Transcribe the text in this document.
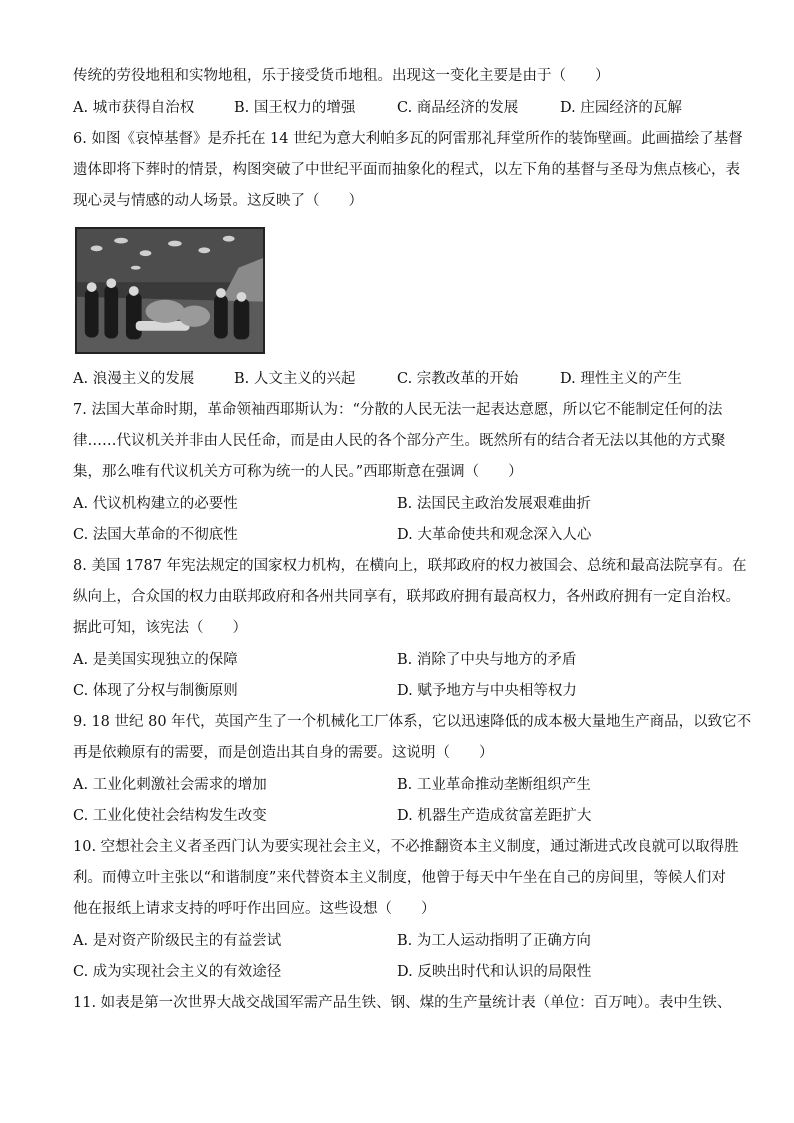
传统的劳役地租和实物地租，乐于接受货币地租。出现这一变化主要是由于（　　）
A. 城市获得自治权	B. 国王权力的增强	C. 商品经济的发展	D. 庄园经济的瓦解
6. 如图《哀悼基督》是乔托在 14 世纪为意大利帕多瓦的阿雷那礼拜堂所作的装饰壁画。此画描绘了基督
遗体即将下葬时的情景，构图突破了中世纪平面而抽象化的程式，以左下角的基督与圣母为焦点核心，表
现心灵与情感的动人场景。这反映了（　　）
A. 浪漫主义的发展	B. 人文主义的兴起	C. 宗教改革的开始	D. 理性主义的产生
7. 法国大革命时期，革命领袖西耶斯认为：“分散的人民无法一起表达意愿，所以它不能制定任何的法
律……代议机关并非由人民任命，而是由人民的各个部分产生。既然所有的结合者无法以其他的方式聚
集，那么唯有代议机关方可称为统一的人民。”西耶斯意在强调（　　）
A. 代议机构建立的必要性	B. 法国民主政治发展艰难曲折
C. 法国大革命的不彻底性	D. 大革命使共和观念深入人心
8. 美国 1787 年宪法规定的国家权力机构，在横向上，联邦政府的权力被国会、总统和最高法院享有。在
纵向上，合众国的权力由联邦政府和各州共同享有，联邦政府拥有最高权力，各州政府拥有一定自治权。
据此可知，该宪法（　　）
A. 是美国实现独立的保障	B. 消除了中央与地方的矛盾
C. 体现了分权与制衡原则	D. 赋予地方与中央相等权力
9. 18 世纪 80 年代，英国产生了一个机械化工厂体系，它以迅速降低的成本极大量地生产商品，以致它不
再是依赖原有的需要，而是创造出其自身的需要。这说明（　　）
A. 工业化刺激社会需求的增加	B. 工业革命推动垄断组织产生
C. 工业化使社会结构发生改变	D. 机器生产造成贫富差距扩大
10. 空想社会主义者圣西门认为要实现社会主义，不必推翻资本主义制度，通过渐进式改良就可以取得胜
利。而傅立叶主张以“和谐制度”来代替资本主义制度，他曾于每天中午坐在自己的房间里，等候人们对
他在报纸上请求支持的呼吁作出回应。这些设想（　　）
A. 是对资产阶级民主的有益尝试	B. 为工人运动指明了正确方向
C. 成为实现社会主义的有效途径	D. 反映出时代和认识的局限性
11. 如表是第一次世界大战交战国军需产品生铁、钢、煤的生产量统计表（单位：百万吨）。表中生铁、
